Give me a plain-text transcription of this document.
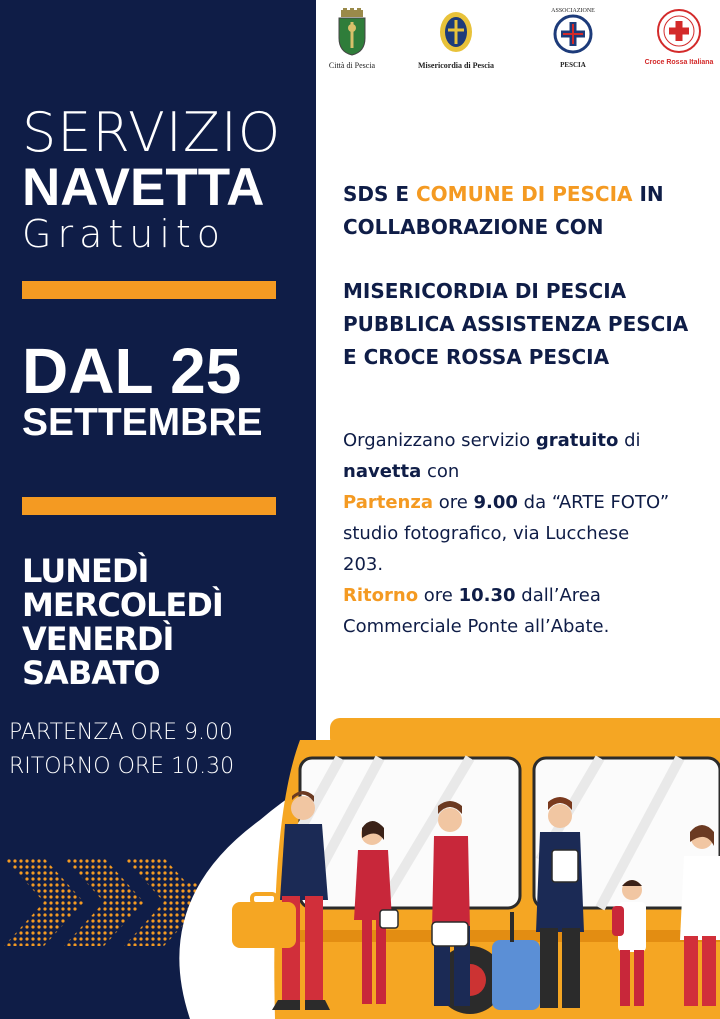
SERVIZIO
NAVETTA
Gratuito
DAL 25
SETTEMBRE
LUNEDÌ
MERCOLEDÌ
VENERDÌ
SABATO
PARTENZA ORE 9.00
RITORNO ORE 10.30
Città di Pescia	Misericordia di Pescia
ASSOCIAZIONE
PESCIA	Croce Rossa Italiana
SDS E COMUNE DI PESCIA IN
COLLABORAZIONE CON
MISERICORDIA DI PESCIA
PUBBLICA ASSISTENZA PESCIA
E CROCE ROSSA PESCIA
Organizzano servizio gratuito di
navetta con
Partenza ore 9.00 da “ARTE FOTO”
studio fotografico, via Lucchese
203.
Ritorno ore 10.30 dall’Area
Commerciale Ponte all’Abate.
